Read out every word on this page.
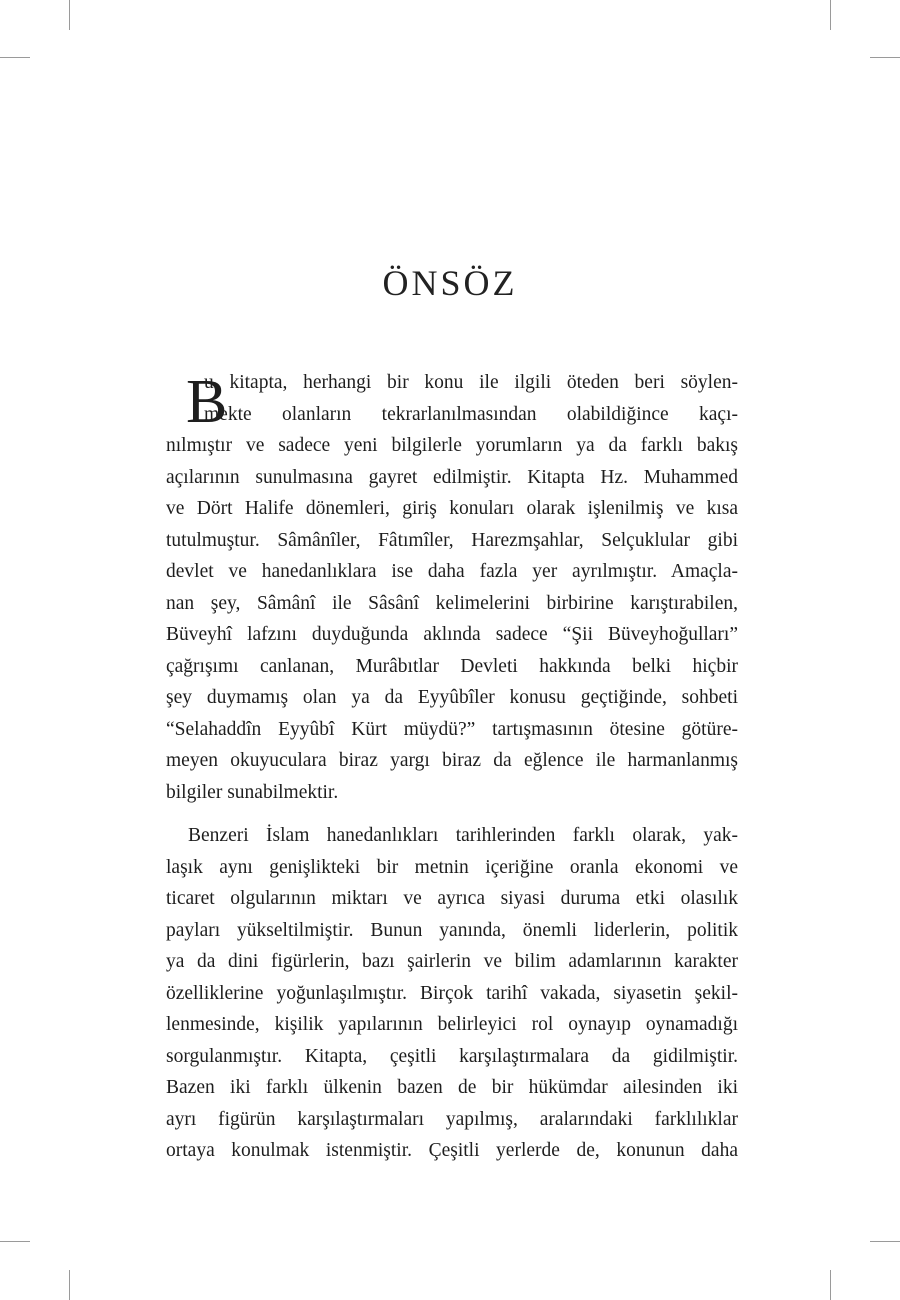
ÖNSÖZ
B
u kitapta, herhangi bir konu ile ilgili öteden beri söylen-
mekte olanların tekrarlanılmasından olabildiğince kaçı-
nılmıştır ve sadece yeni bilgilerle yorumların ya da farklı bakış
açılarının sunulmasına gayret edilmiştir. Kitapta Hz. Muhammed
ve Dört Halife dönemleri, giriş konuları olarak işlenilmiş ve kısa
tutulmuştur. Sâmânîler, Fâtımîler, Harezmşahlar, Selçuklular gibi
devlet ve hanedanlıklara ise daha fazla yer ayrılmıştır. Amaçla-
nan şey, Sâmânî ile Sâsânî kelimelerini birbirine karıştırabilen,
Büveyhî lafzını duyduğunda aklında sadece “Şii Büveyhoğulları”
çağrışımı canlanan, Murâbıtlar Devleti hakkında belki hiçbir
şey duymamış olan ya da Eyyûbîler konusu geçtiğinde, sohbeti
“Selahaddîn Eyyûbî Kürt müydü?” tartışmasının ötesine götüre-
meyen okuyuculara biraz yargı biraz da eğlence ile harmanlanmış
bilgiler sunabilmektir.
Benzeri İslam hanedanlıkları tarihlerinden farklı olarak, yak-
laşık aynı genişlikteki bir metnin içeriğine oranla ekonomi ve
ticaret olgularının miktarı ve ayrıca siyasi duruma etki olasılık
payları yükseltilmiştir. Bunun yanında, önemli liderlerin, politik
ya da dini figürlerin, bazı şairlerin ve bilim adamlarının karakter
özelliklerine yoğunlaşılmıştır. Birçok tarihî vakada, siyasetin şekil-
lenmesinde, kişilik yapılarının belirleyici rol oynayıp oynamadığı
sorgulanmıştır. Kitapta, çeşitli karşılaştırmalara da gidilmiştir.
Bazen iki farklı ülkenin bazen de bir hükümdar ailesinden iki
ayrı figürün karşılaştırmaları yapılmış, aralarındaki farklılıklar
ortaya konulmak istenmiştir. Çeşitli yerlerde de, konunun daha
